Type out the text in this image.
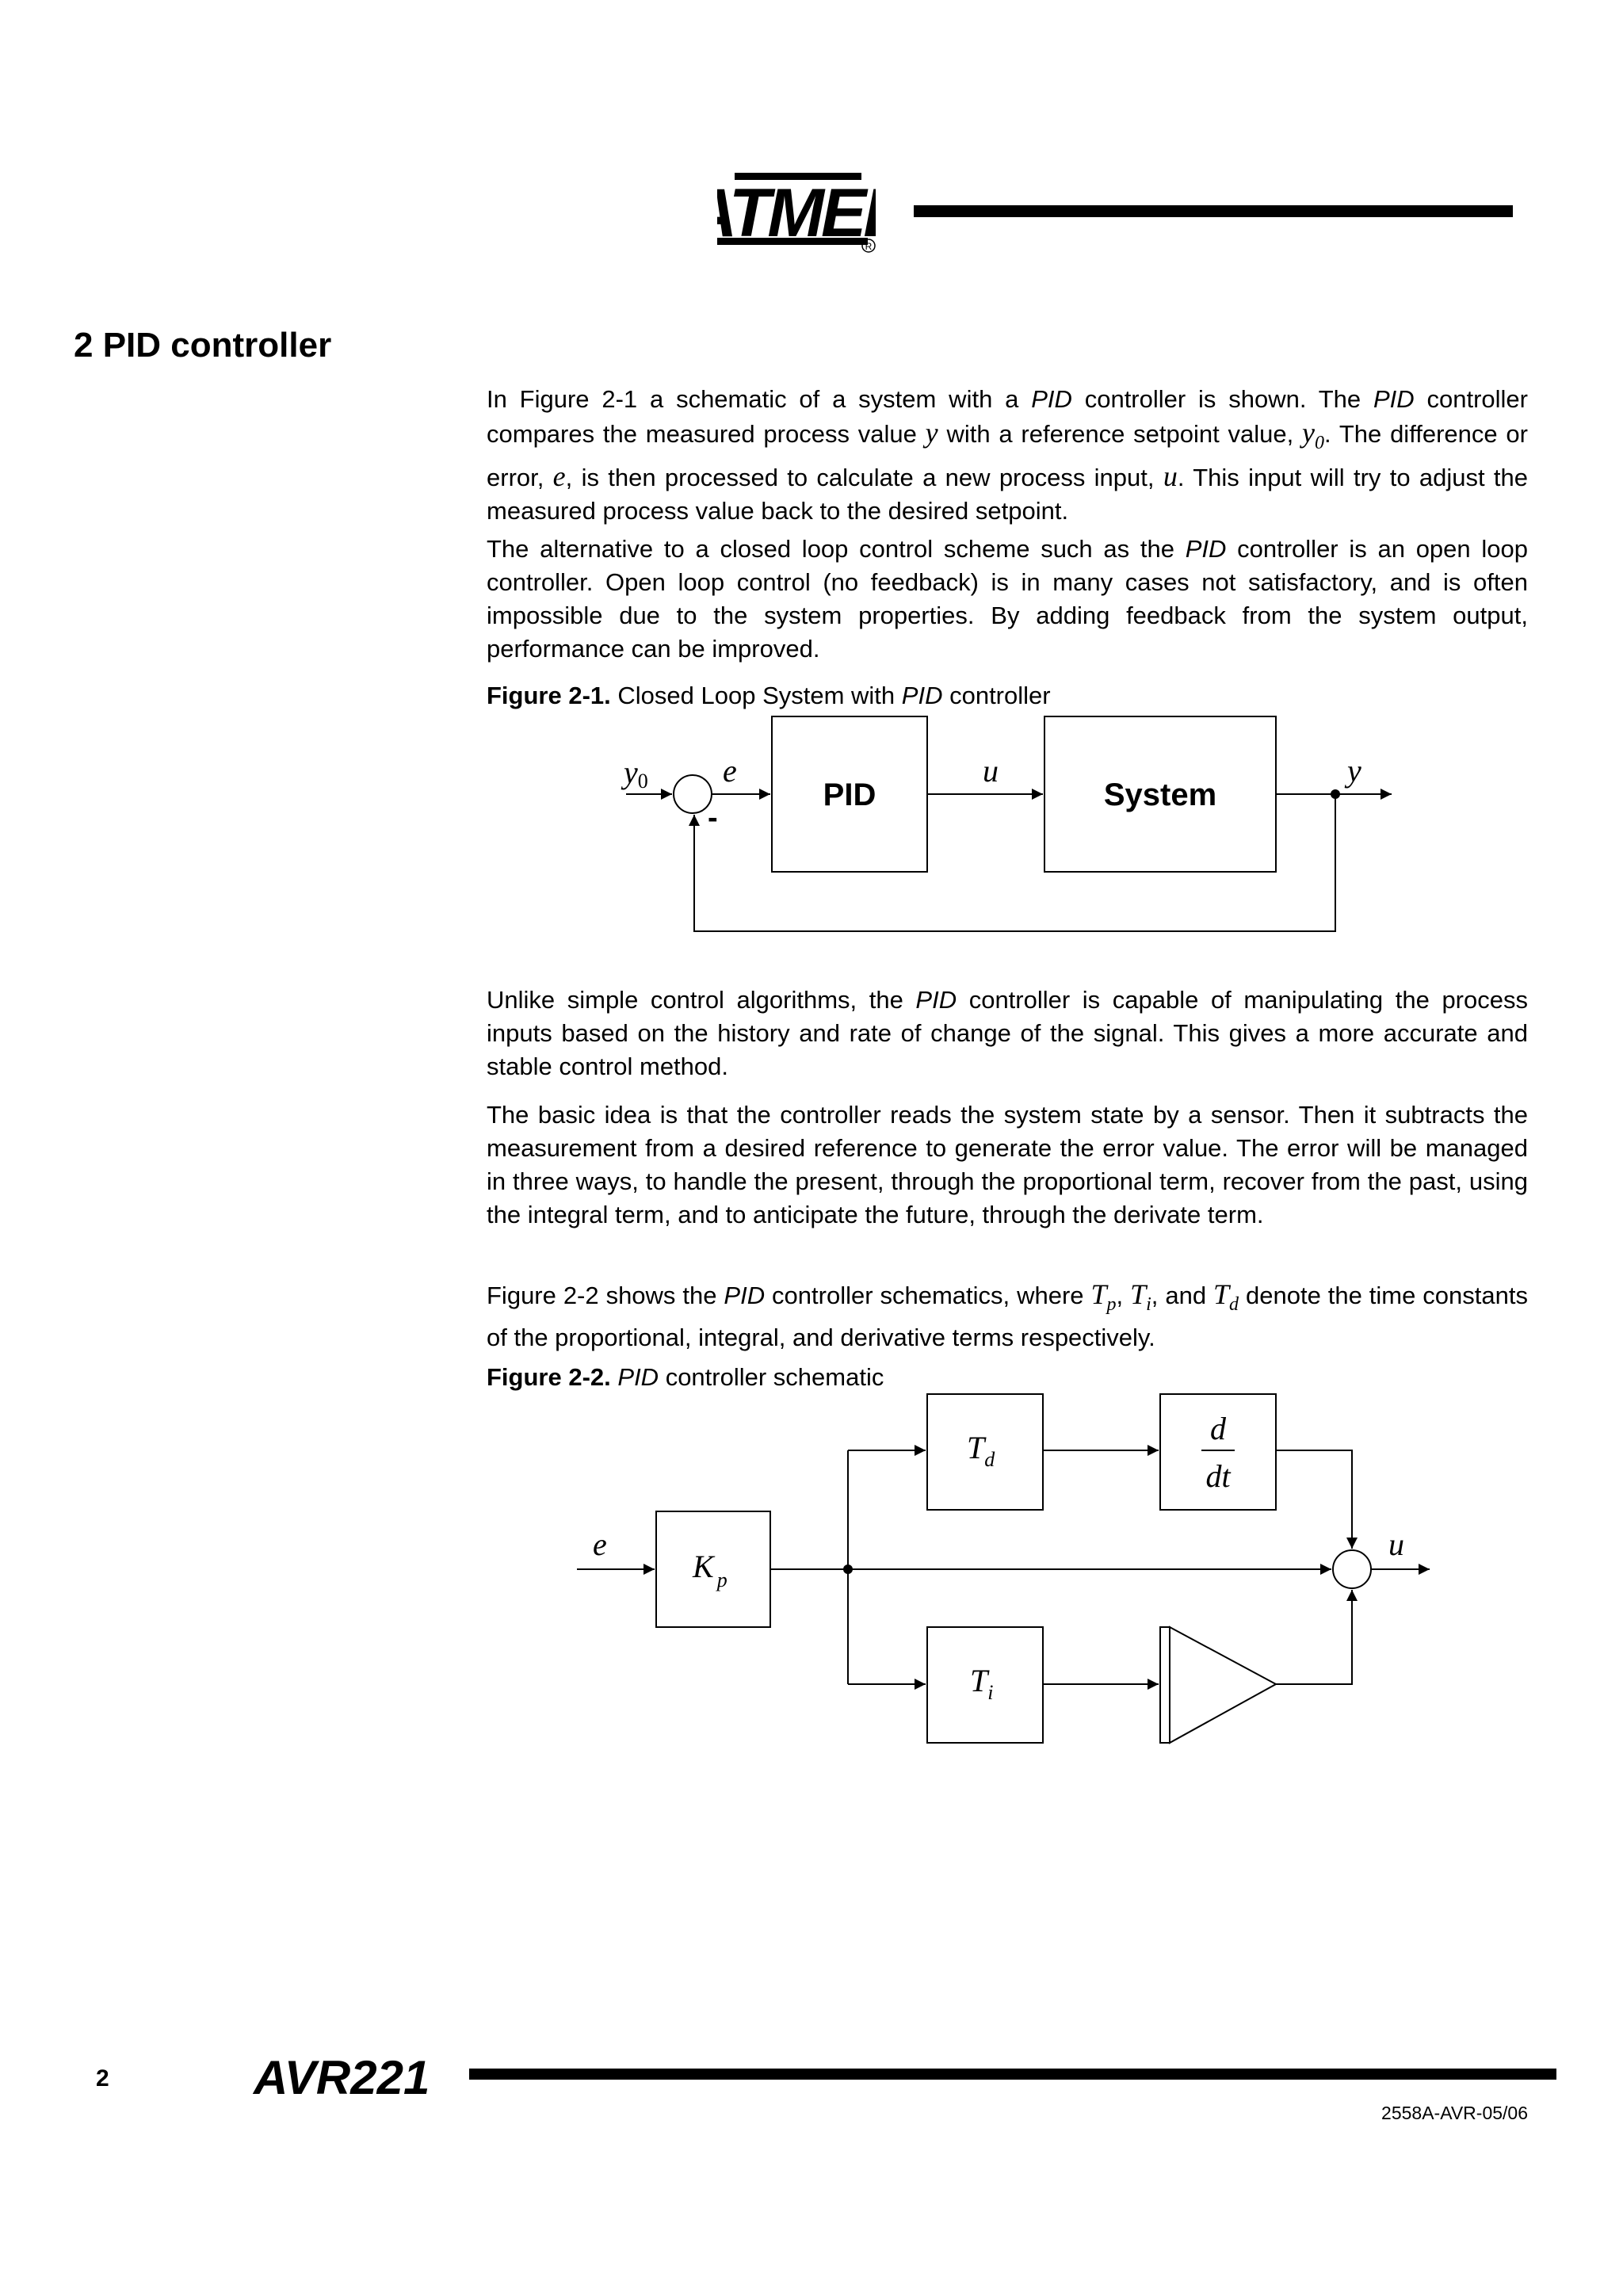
TME R
2 PID controller

In Figure 2-1 a schematic of a system with a PID controller is shown. The PID controller compares the measured process value y with a reference setpoint value, $y_0$. The difference or error, e, is then processed to calculate a new process input, u. This input will try to adjust the measured process value back to the desired setpoint.

The alternative to a closed loop control scheme such as the PID controller is an open loop controller. Open loop control (no feedback) is in many cases not satisfactory, and is often impossible due to the system properties. By adding feedback from the system output, performance can be improved.

Figure 2-1. Closed Loop System with PID controller

y0 e
-
PID
u
System
y

Unlike simple control algorithms, the PID controller is capable of manipulating the process inputs based on the history and rate of change of the signal. This gives a more accurate and stable control method.

The basic idea is that the controller reads the system state by a sensor. Then it subtracts the measurement from a desired reference to generate the error value. The error will be managed in three ways, to handle the present, through the proportional term, recover from the past, using the integral term, and to anticipate the future, through the derivate term.

Figure 2-2 shows the PID controller schematics, where $T_p$, $T_i$, and $T_d$ denote the time constants of the proportional, integral, and derivative terms respectively.

Figure 2-2. PID controller schematic

e
K $_p$
$T_d$
d
dt
$T_i$
u
2	AVR221
2558A-AVR-05/06
